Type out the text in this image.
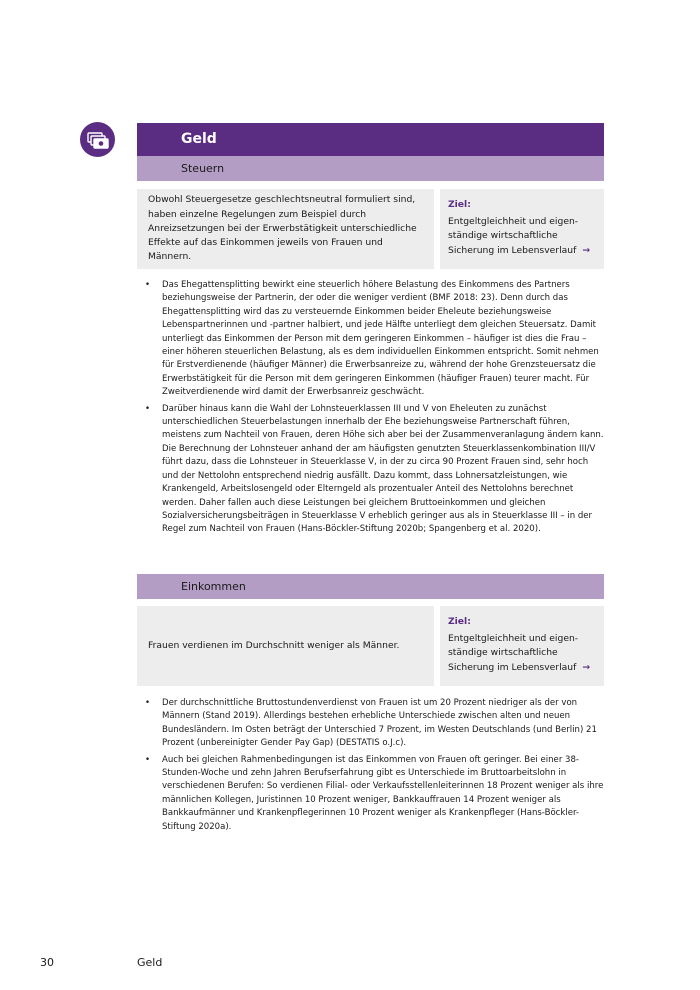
Geld
Steuern
Obwohl Steuergesetze geschlechtsneutral formuliert sind, haben einzelne Regelungen zum Beispiel durch Anreizsetzungen bei der Erwerbstätigkeit unterschiedliche Effekte auf das Einkommen jeweils von Frauen und Männern.
Ziel:
Entgeltgleichheit und eigen-
ständige wirtschaftliche
Sicherung im Lebensverlauf →
• Das Ehegattensplitting bewirkt eine steuerlich höhere Belastung des Einkommens des Partners beziehungsweise der Partnerin, der oder die weniger verdient (BMF 2018: 23). Denn durch das Ehegattensplitting wird das zu versteuernde Einkommen beider Eheleute beziehungsweise Lebenspartnerinnen und -partner halbiert, und jede Hälfte unterliegt dem gleichen Steuersatz. Damit unterliegt das Einkommen der Person mit dem geringeren Einkommen – häufiger ist dies die Frau – einer höheren steuerlichen Belastung, als es dem individuellen Einkommen entspricht. Somit nehmen für Erstverdienende (häufiger Männer) die Erwerbsanreize zu, während der hohe Grenzsteuersatz die Erwerbstätigkeit für die Person mit dem geringeren Einkommen (häufiger Frauen) teurer macht. Für Zweitverdienende wird damit der Erwerbsanreiz geschwächt.
• Darüber hinaus kann die Wahl der Lohnsteuerklassen III und V von Eheleuten zu zunächst unterschiedlichen Steuerbelastungen innerhalb der Ehe beziehungsweise Partnerschaft führen, meistens zum Nachteil von Frauen, deren Höhe sich aber bei der Zusammenveranlagung ändern kann. Die Berechnung der Lohnsteuer anhand der am häufigsten genutzten Steuerklassenkombination III/V führt dazu, dass die Lohnsteuer in Steuerklasse V, in der zu circa 90 Prozent Frauen sind, sehr hoch und der Nettolohn entsprechend niedrig ausfällt. Dazu kommt, dass Lohnersatzleistungen, wie Krankengeld, Arbeitslosengeld oder Elterngeld als prozentualer Anteil des Nettolohns berechnet werden. Daher fallen auch diese Leistungen bei gleichem Bruttoeinkommen und gleichen Sozialversicherungsbeiträgen in Steuerklasse V erheblich geringer aus als in Steuerklasse III – in der Regel zum Nachteil von Frauen (Hans-Böckler-Stiftung 2020b; Spangenberg et al. 2020).
Einkommen
Frauen verdienen im Durchschnitt weniger als Männer.
Ziel:
Entgeltgleichheit und eigen-
ständige wirtschaftliche
Sicherung im Lebensverlauf →
• Der durchschnittliche Bruttostundenverdienst von Frauen ist um 20 Prozent niedriger als der von Männern (Stand 2019). Allerdings bestehen erhebliche Unterschiede zwischen alten und neuen Bundesländern. Im Osten beträgt der Unterschied 7 Prozent, im Westen Deutschlands (und Berlin) 21 Prozent (unbereinigter Gender Pay Gap) (DESTATIS o.J.c).
• Auch bei gleichen Rahmenbedingungen ist das Einkommen von Frauen oft geringer. Bei einer 38-Stunden-Woche und zehn Jahren Berufserfahrung gibt es Unterschiede im Bruttoarbeitslohn in verschiedenen Berufen: So verdienen Filial- oder Verkaufsstellenleiterinnen 18 Prozent weniger als ihre männlichen Kollegen, Juristinnen 10 Prozent weniger, Bankkauffrauen 14 Prozent weniger als Bankkaufmänner und Krankenpflegerinnen 10 Prozent weniger als Krankenpfleger (Hans-Böckler-Stiftung 2020a).
30	Geld
